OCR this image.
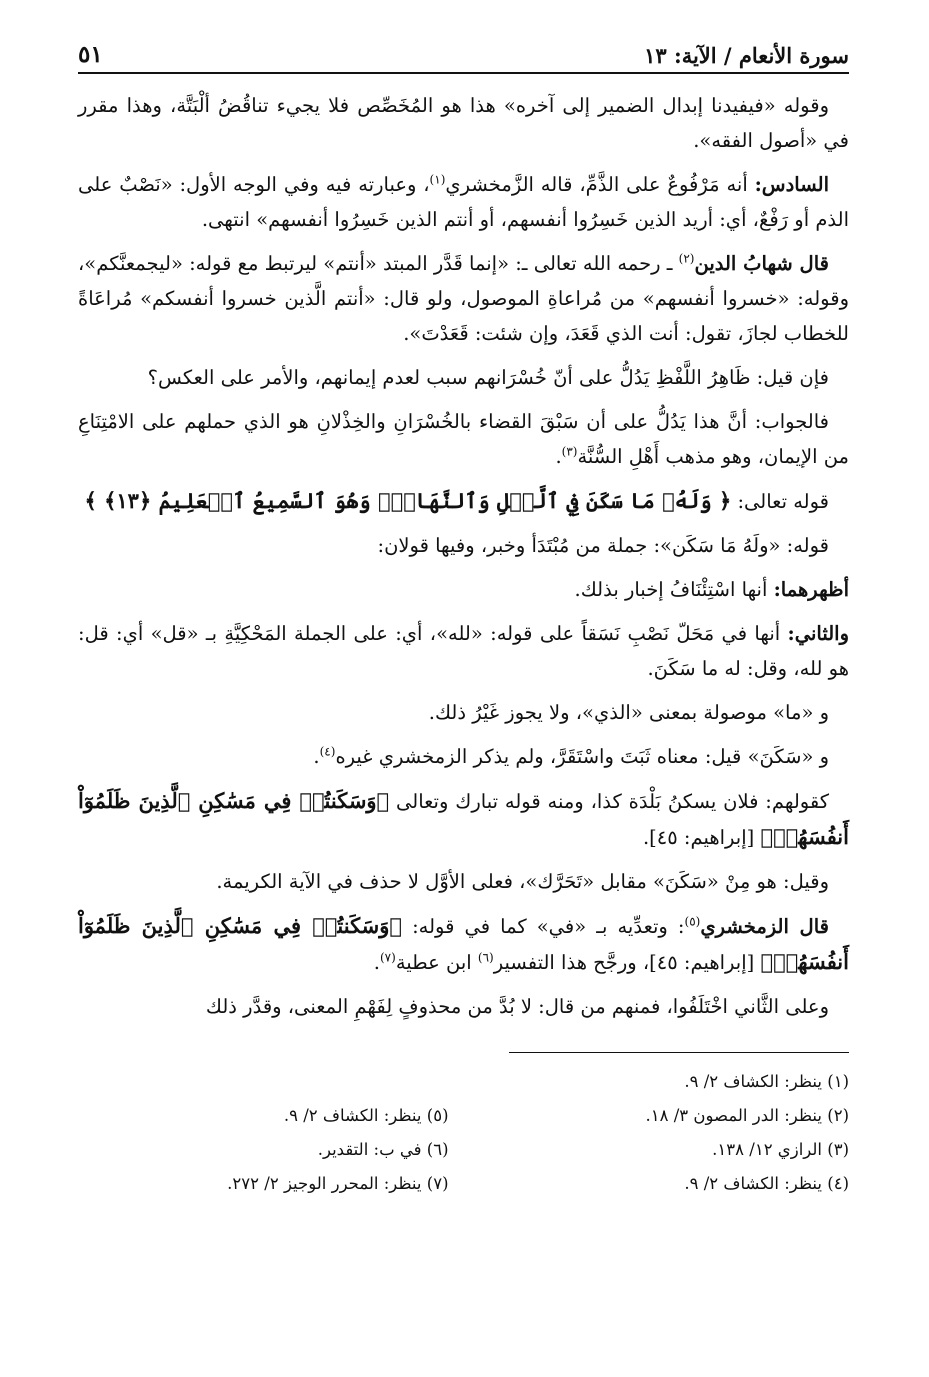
سورة الأنعام / الآية: ١٣
٥١

وقوله «فيفيدنا إبدال الضمير إلى آخره» هذا هو المُخَصِّص فلا يجيء تناقُضُ ألْبَتَّة، وهذا مقرر في «أصول الفقه».

السادس: أنه مَرْفُوعٌ على الذَّمِّ، قاله الزَّمخشري$^{(١)}$، وعبارته فيه وفي الوجه الأول: «نَصْبٌ على الذم أو رَفْعٌ، أي: أريد الذين خَسِرُوا أنفسهم، أو أنتم الذين خَسِرُوا أنفسهم» انتهى.

قال شهابُ الدين$^{(٢)}$ ـ رحمه الله تعالى ـ: «إنما قَدَّر المبتد «أنتم» ليرتبط مع قوله: «ليجمعنَّكم»، وقوله: «خسروا أنفسهم» من مُراعاةِ الموصول، ولو قال: «أنتم الَّذين خسروا أنفسكم» مُراعَاةً للخطاب لجازَ، تقول: أنت الذي قَعَدَ، وإن شئت: قَعَدْتَ».

فإن قيل: ظَاهِرُ اللَّفْظِ يَدُلُّ على أنّ خُسْرَانهم سبب لعدم إيمانهم، والأمر على العكس؟

فالجواب: أنَّ هذا يَدُلُّ على أن سَبْقَ القضاء بالخُسْرَانِ والخِذْلانِ هو الذي حملهم على الامْتِنَاعِ من الإيمان، وهو مذهب أَهْلِ السُّنَّة$^{(٣)}$.

قوله تعالى: ﴿ وَلَهُۥ مَا سَكَنَ فِي ٱلَّيۡلِ وَٱلنَّهَارِۚ وَهُوَ ٱلسَّمِيعُ ٱلۡعَلِيمُ ﴿١٣﴾ ﴾

قوله: «ولَهُ مَا سَكَن»: جملة من مُبْتَدَأ وخبر، وفيها قولان:

أظهرهما: أنها اسْتِئْنَافُ إخبار بذلك.

والثاني: أنها في مَحَلّ نَصْبِ نَسَقاً على قوله: «لله»، أي: على الجملة المَحْكِيَّةِ بـ «قل» أي: قل: هو لله، وقل: له ما سَكَنَ.

و «ما» موصولة بمعنى «الذي»، ولا يجوز غَيْرُ ذلك.

و «سَكَنَ» قيل: معناه ثَبَتَ واسْتَقَرَّ، ولم يذكر الزمخشري غيره$^{(٤)}$.

كقولهم: فلان يسكنُ بَلْدَة كذا، ومنه قوله تبارك وتعالى ﴿وَسَكَنتُمۡ فِي مَسَٰكِنِ ٱلَّذِينَ ظَلَمُوٓاْ أَنفُسَهُمۡ﴾ [إبراهيم: ٤٥].

وقيل: هو مِنْ «سَكَنَ» مقابل «تَحَرَّك»، فعلى الأوَّل لا حذف في الآية الكريمة.

قال الزمخشري$^{(٥)}$: وتعدِّيه بـ «في» كما في قوله: ﴿وَسَكَنتُمۡ فِي مَسَٰكِنِ ٱلَّذِينَ ظَلَمُوٓاْ أَنفُسَهُمۡ﴾ [إبراهيم: ٤٥]، ورجَّح هذا التفسير$^{(٦)}$ ابن عطية$^{(٧)}$.

وعلى الثَّاني اخْتَلَفُوا، فمنهم من قال: لا بُدَّ من محذوفٍ لِفَهْمِ المعنى، وقدَّر ذلك

(١) ينظر: الكشاف ٢/ ٩.
(٢) ينظر: الدر المصون ٣/ ١٨.
(٥) ينظر: الكشاف ٢/ ٩.
(٣) الرازي ١٢/ ١٣٨.
(٦) في ب: التقدير.
(٤) ينظر: الكشاف ٢/ ٩.
(٧) ينظر: المحرر الوجيز ٢/ ٢٧٢.
